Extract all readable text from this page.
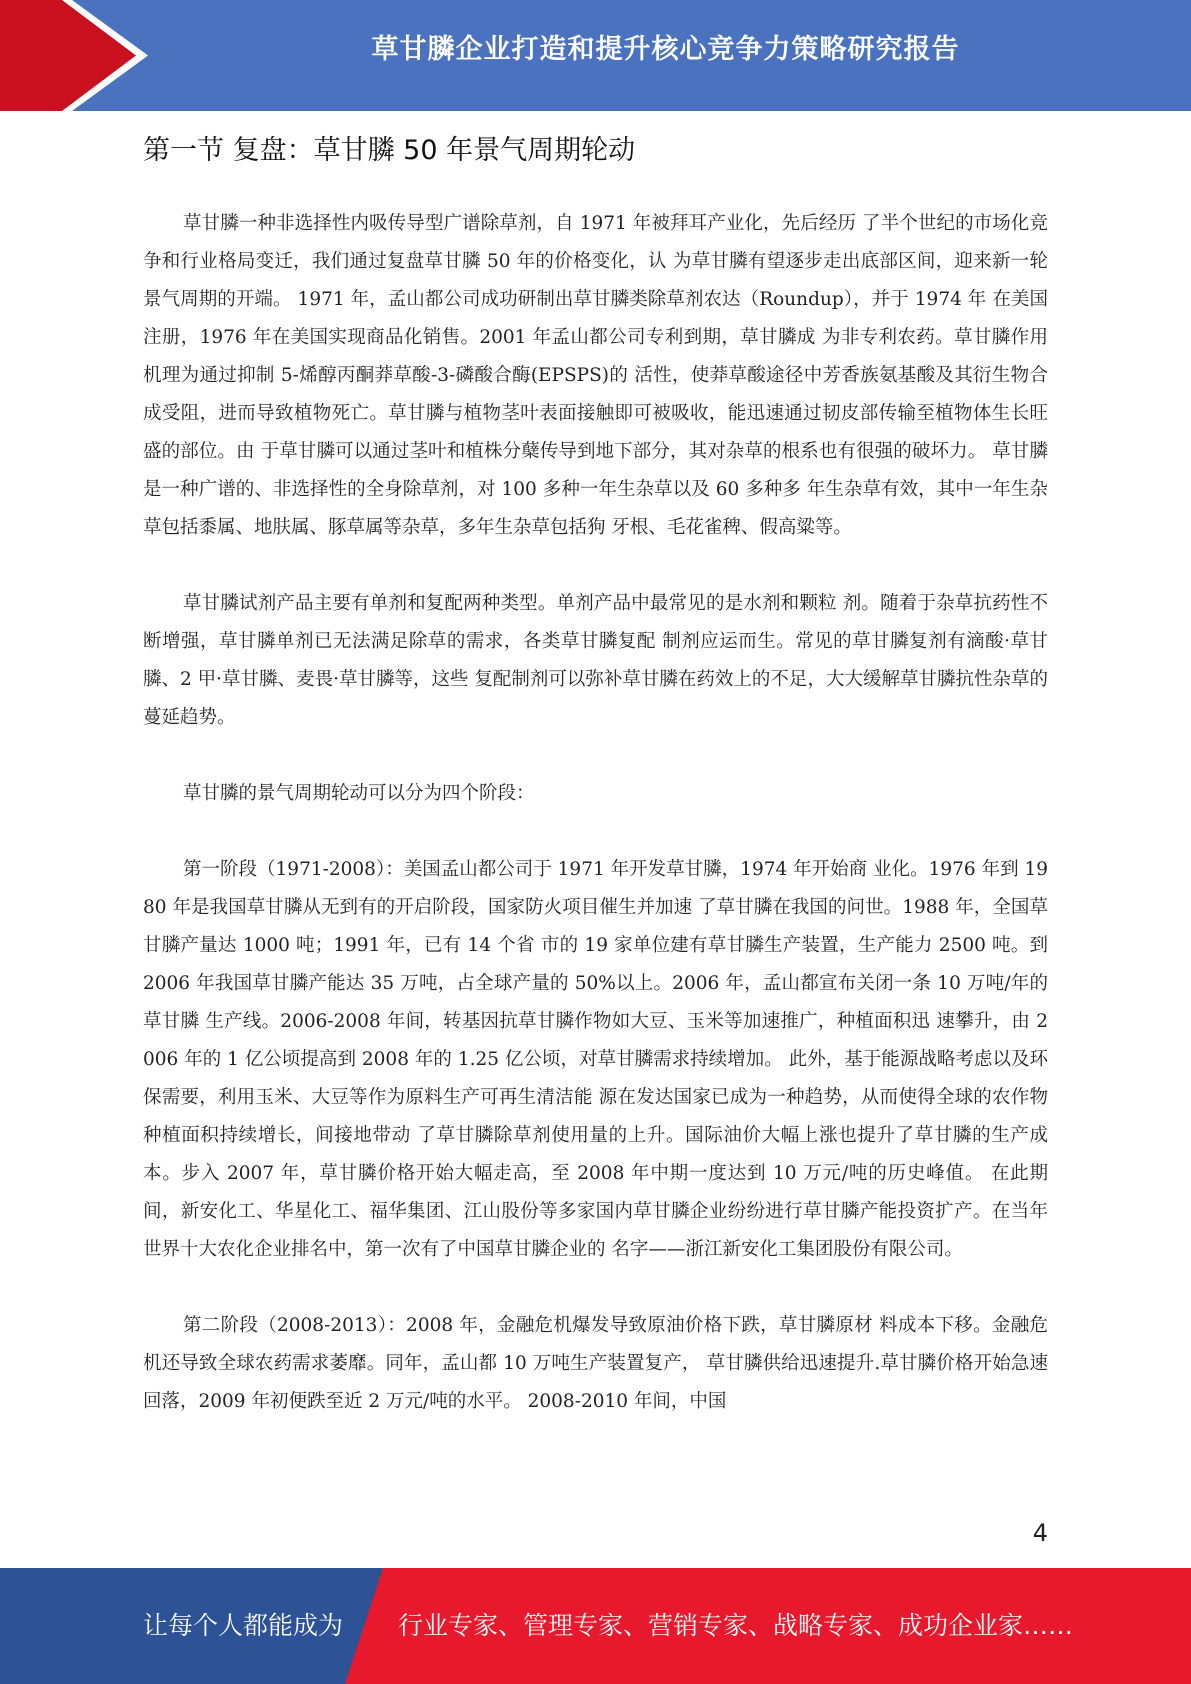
草甘膦企业打造和提升核心竞争力策略研究报告
第一节 复盘：草甘膦 50 年景气周期轮动

草甘膦一种非选择性内吸传导型广谱除草剂，自 1971 年被拜耳产业化，先后经历 了半个世纪的市场化竞争和行业格局变迁，我们通过复盘草甘膦 50 年的价格变化，认 为草甘膦有望逐步走出底部区间，迎来新一轮景气周期的开端。 1971 年，孟山都公司成功研制出草甘膦类除草剂农达（Roundup），并于 1974 年 在美国注册，1976 年在美国实现商品化销售。2001 年孟山都公司专利到期，草甘膦成 为非专利农药。草甘膦作用机理为通过抑制 5-烯醇丙酮莽草酸-3-磷酸合酶(EPSPS)的 活性，使莽草酸途径中芳香族氨基酸及其衍生物合成受阻，进而导致植物死亡。草甘膦与植物茎叶表面接触即可被吸收，能迅速通过韧皮部传输至植物体生长旺盛的部位。由 于草甘膦可以通过茎叶和植株分蘖传导到地下部分，其对杂草的根系也有很强的破坏力。 草甘膦是一种广谱的、非选择性的全身除草剂，对 100 多种一年生杂草以及 60 多种多 年生杂草有效，其中一年生杂草包括黍属、地肤属、豚草属等杂草，多年生杂草包括狗 牙根、毛花雀稗、假高粱等。

草甘膦试剂产品主要有单剂和复配两种类型。单剂产品中最常见的是水剂和颗粒 剂。随着于杂草抗药性不断增强，草甘膦单剂已无法满足除草的需求，各类草甘膦复配 制剂应运而生。常见的草甘膦复剂有滴酸·草甘膦、2 甲·草甘膦、麦畏·草甘膦等，这些 复配制剂可以弥补草甘膦在药效上的不足，大大缓解草甘膦抗性杂草的蔓延趋势。

草甘膦的景气周期轮动可以分为四个阶段：

第一阶段（1971-2008）：美国孟山都公司于 1971 年开发草甘膦，1974 年开始商 业化。1976 年到 1980 年是我国草甘膦从无到有的开启阶段，国家防火项目催生并加速 了草甘膦在我国的问世。1988 年，全国草甘膦产量达 1000 吨；1991 年，已有 14 个省 市的 19 家单位建有草甘膦生产装置，生产能力 2500 吨。到 2006 年我国草甘膦产能达 35 万吨，占全球产量的 50%以上。2006 年，孟山都宣布关闭一条 10 万吨/年的草甘膦 生产线。2006-2008 年间，转基因抗草甘膦作物如大豆、玉米等加速推广，种植面积迅 速攀升，由 2006 年的 1 亿公顷提高到 2008 年的 1.25 亿公顷，对草甘膦需求持续增加。 此外，基于能源战略考虑以及环保需要，利用玉米、大豆等作为原料生产可再生清洁能 源在发达国家已成为一种趋势，从而使得全球的农作物种植面积持续增长，间接地带动 了草甘膦除草剂使用量的上升。国际油价大幅上涨也提升了草甘膦的生产成本。步入 2007 年，草甘膦价格开始大幅走高，至 2008 年中期一度达到 10 万元/吨的历史峰值。 在此期间，新安化工、华星化工、福华集团、江山股份等多家国内草甘膦企业纷纷进行草甘膦产能投资扩产。在当年世界十大农化企业排名中，第一次有了中国草甘膦企业的 名字——浙江新安化工集团股份有限公司。

第二阶段（2008-2013）：2008 年，金融危机爆发导致原油价格下跌，草甘膦原材 料成本下移。金融危机还导致全球农药需求萎靡。同年，孟山都 10 万吨生产装置复产， 草甘膦供给迅速提升.草甘膦价格开始急速回落，2009 年初便跌至近 2 万元/吨的水平。 2008-2010 年间，中国

4
让每个人都能成为 行业专家、管理专家、营销专家、战略专家、成功企业家……
